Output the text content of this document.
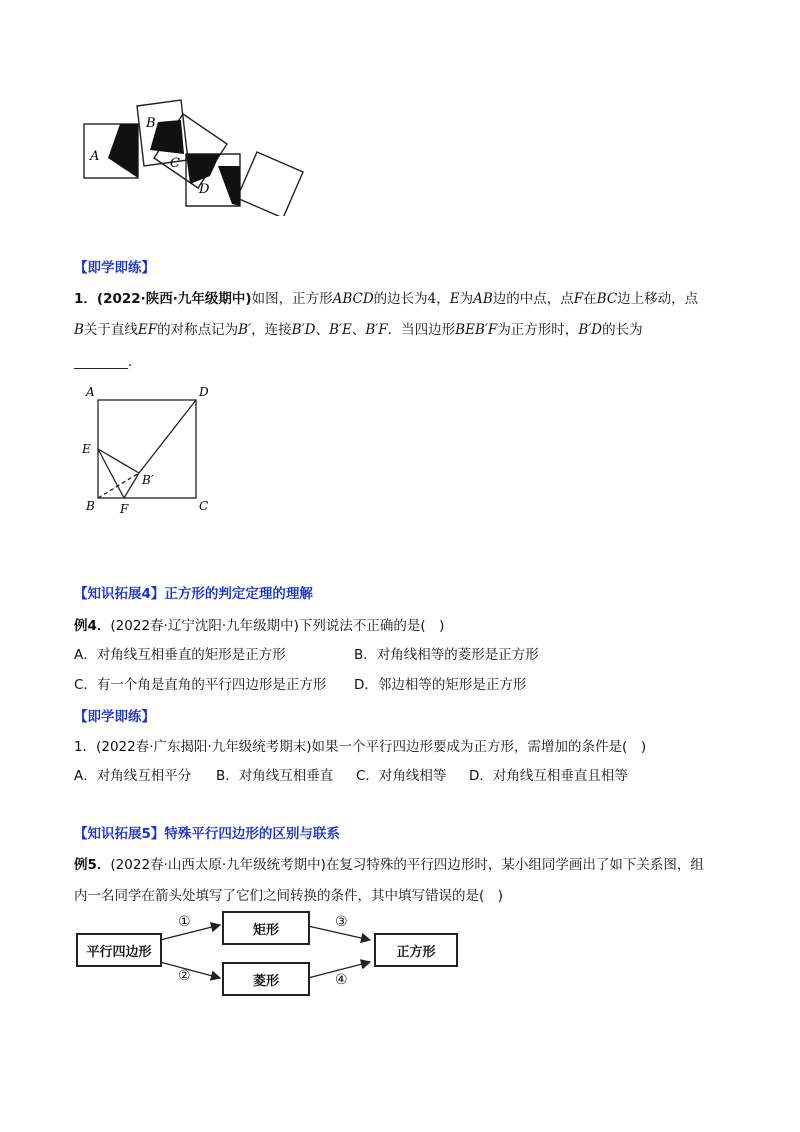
A
B
C
D
【即学即练】
1．(2022·陕西·九年级期中)如图，正方形ABCD的边长为4，E为AB边的中点，点F在BC边上移动，点
B关于直线EF的对称点记为B′，连接B′D、B′E、B′F．当四边形BEB′F为正方形时，B′D的长为
________．
A	D
E
B′
B F	C
【知识拓展4】正方形的判定定理的理解
例4．(2022春·辽宁沈阳·九年级期中)下列说法不正确的是(　)
A．对角线互相垂直的矩形是正方形	B．对角线相等的菱形是正方形
C．有一个角是直角的平行四边形是正方形 D．邻边相等的矩形是正方形
【即学即练】
1．(2022春·广东揭阳·九年级统考期末)如果一个平行四边形要成为正方形，需增加的条件是(　)
A．对角线互相平分 B．对角线互相垂直 C．对角线相等 D．对角线互相垂直且相等
【知识拓展5】特殊平行四边形的区别与联系
例5．(2022春·山西太原·九年级统考期中)在复习特殊的平行四边形时，某小组同学画出了如下关系图，组
内一名同学在箭头处填写了它们之间转换的条件，其中填写错误的是(　)
平行四边形
矩形
菱形
正方形
①
②
③
④
